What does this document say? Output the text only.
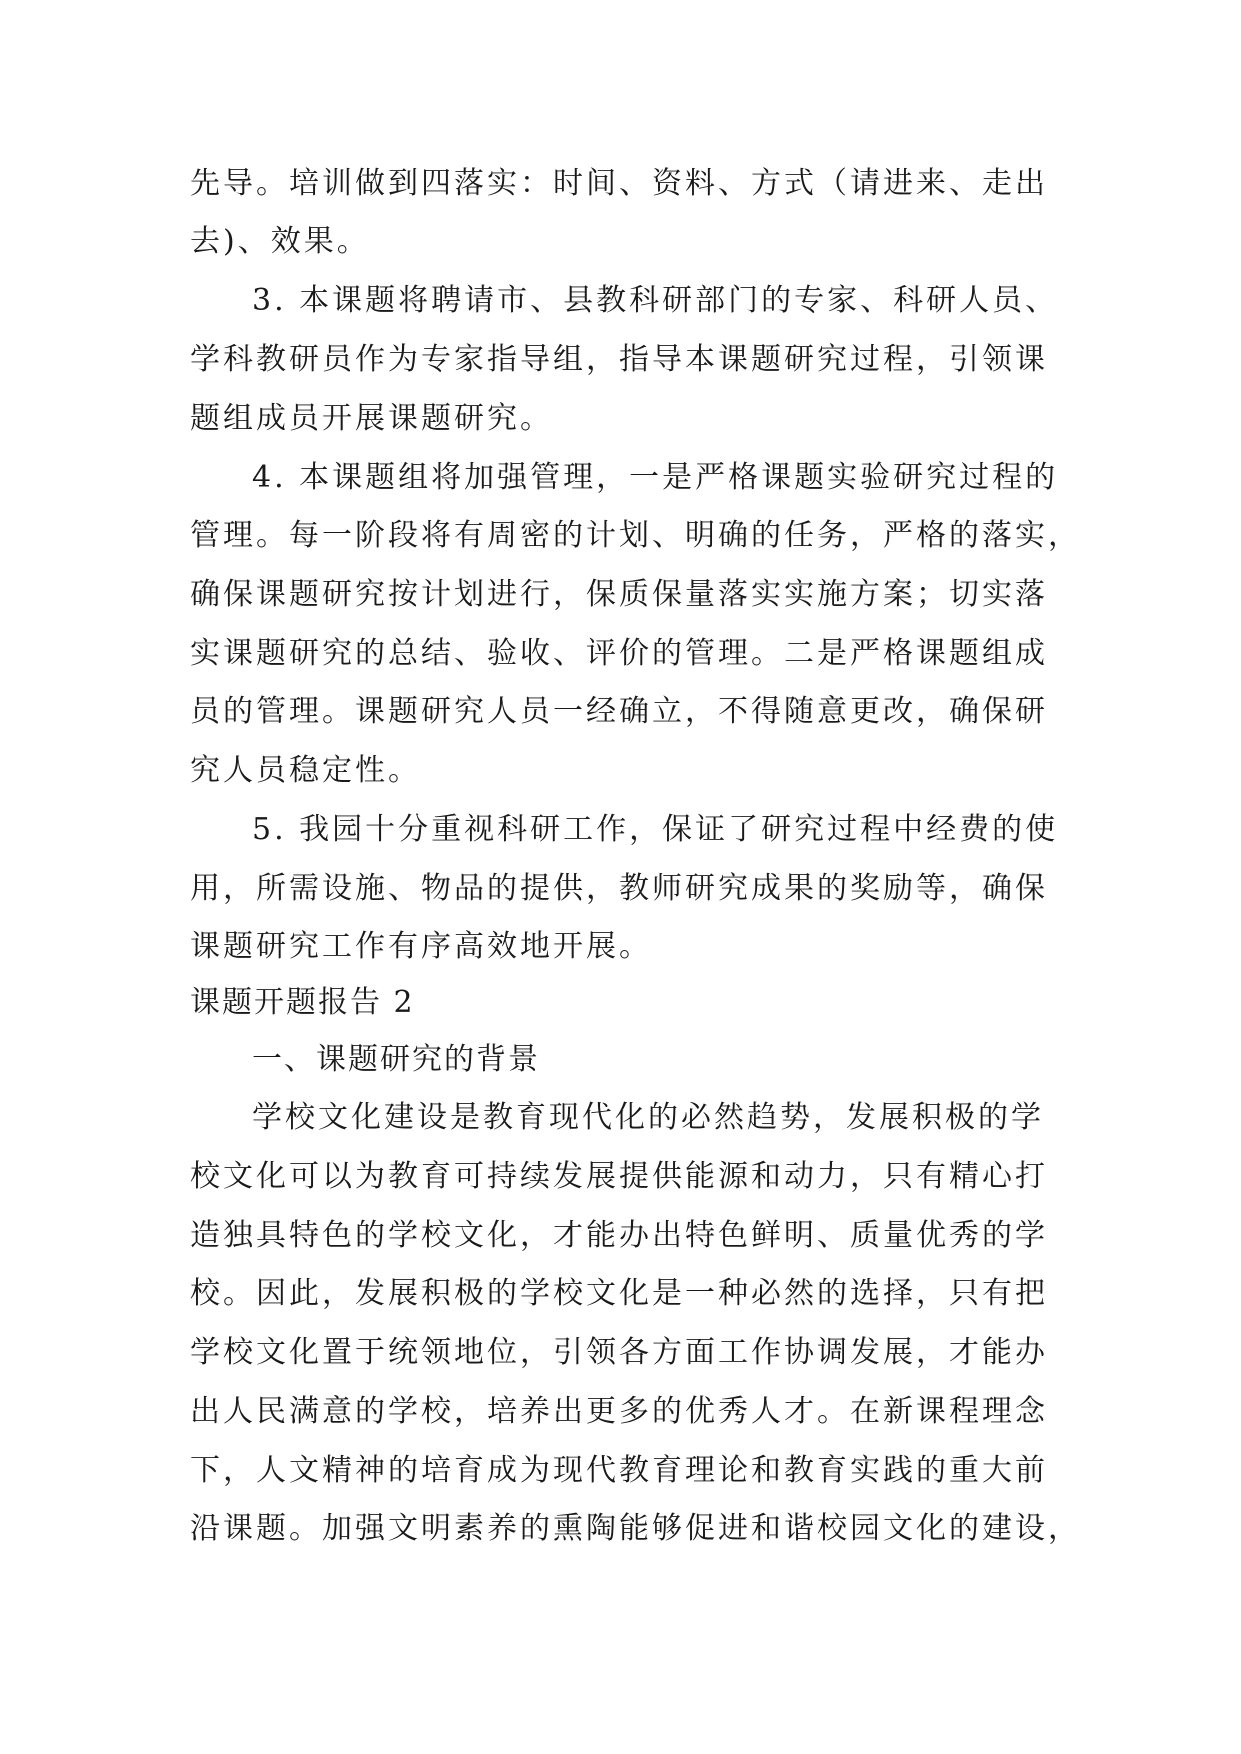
先导。培训做到四落实：时间、资料、方式（请进来、走出

去)、效果。

3. 本课题将聘请市、县教科研部门的专家、科研人员、

学科教研员作为专家指导组，指导本课题研究过程，引领课

题组成员开展课题研究。

4. 本课题组将加强管理，一是严格课题实验研究过程的

管理。每一阶段将有周密的计划、明确的任务，严格的落实，

确保课题研究按计划进行，保质保量落实实施方案；切实落

实课题研究的总结、验收、评价的管理。二是严格课题组成

员的管理。课题研究人员一经确立，不得随意更改，确保研

究人员稳定性。

5. 我园十分重视科研工作，保证了研究过程中经费的使

用，所需设施、物品的提供，教师研究成果的奖励等，确保

课题研究工作有序高效地开展。

课题开题报告 2

一、课题研究的背景

学校文化建设是教育现代化的必然趋势，发展积极的学

校文化可以为教育可持续发展提供能源和动力，只有精心打

造独具特色的学校文化，才能办出特色鲜明、质量优秀的学

校。因此，发展积极的学校文化是一种必然的选择，只有把

学校文化置于统领地位，引领各方面工作协调发展，才能办

出人民满意的学校，培养出更多的优秀人才。在新课程理念

下，人文精神的培育成为现代教育理论和教育实践的重大前

沿课题。加强文明素养的熏陶能够促进和谐校园文化的建设，
